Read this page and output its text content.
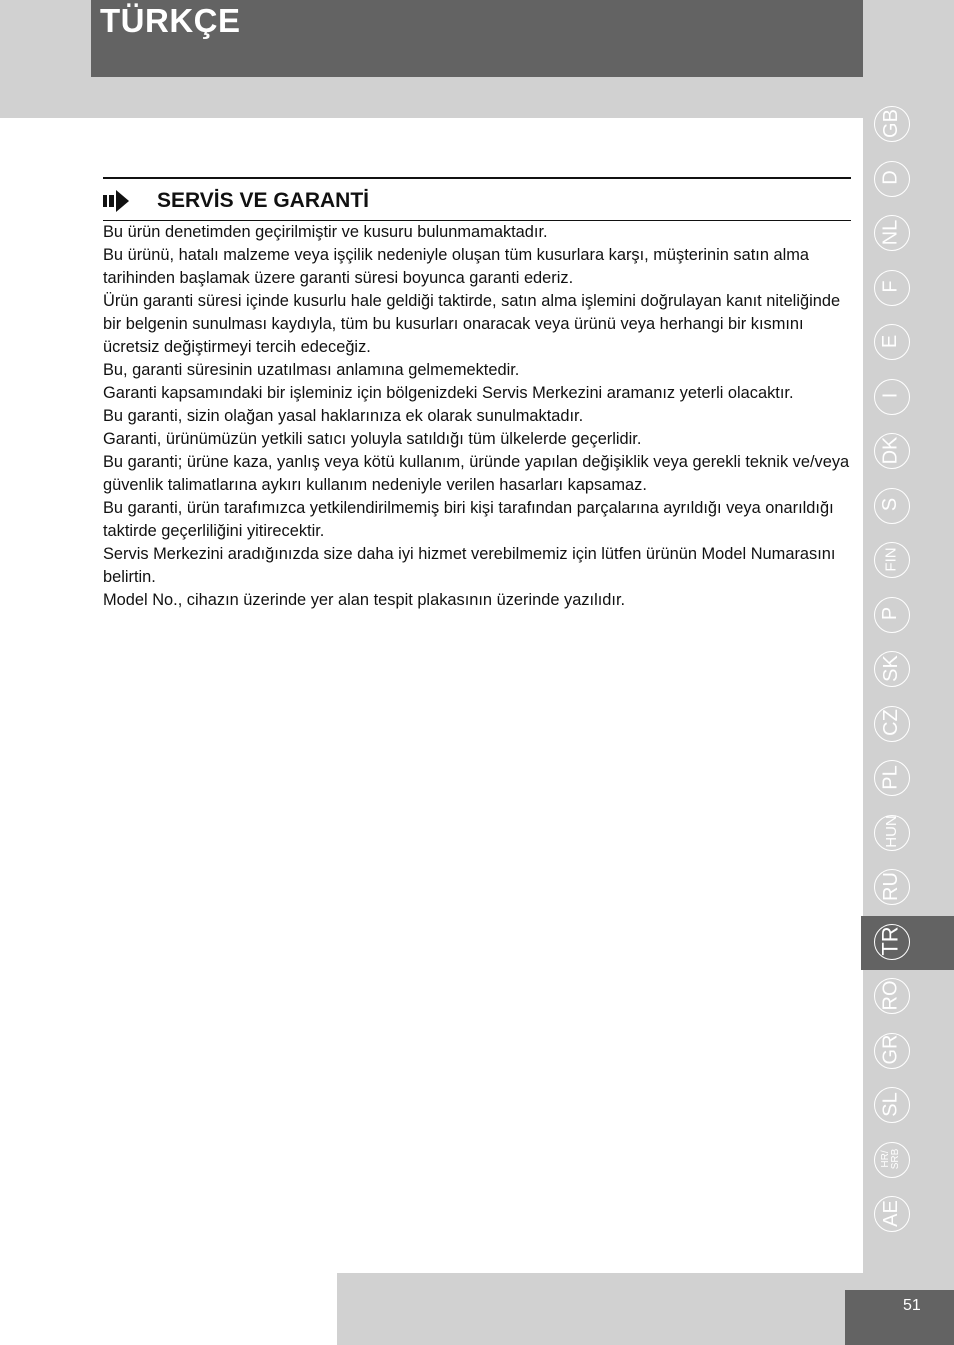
TÜRKÇE
SERVİS VE GARANTİ

Bu ürün denetimden geçirilmiştir ve kusuru bulunmamaktadır.

Bu ürünü, hatalı malzeme veya işçilik nedeniyle oluşan tüm kusurlara karşı, müşterinin satın alma tarihinden başlamak üzere garanti süresi boyunca garanti ederiz.

Ürün garanti süresi içinde kusurlu hale geldiği taktirde, satın alma işlemini doğrulayan kanıt niteliğinde bir belgenin sunulması kaydıyla, tüm bu kusurları onaracak veya ürünü veya herhangi bir kısmını ücretsiz değiştirmeyi tercih edeceğiz.

Bu, garanti süresinin uzatılması anlamına gelmemektedir.

Garanti kapsamındaki bir işleminiz için bölgenizdeki Servis Merkezini aramanız yeterli olacaktır.

Bu garanti, sizin olağan yasal haklarınıza ek olarak sunulmaktadır.

Garanti, ürünümüzün yetkili satıcı yoluyla satıldığı tüm ülkelerde geçerlidir.

Bu garanti; ürüne kaza, yanlış veya kötü kullanım, üründe yapılan değişiklik veya gerekli teknik ve/veya güvenlik talimatlarına aykırı kullanım nedeniyle verilen hasarları kapsamaz.

Bu garanti, ürün tarafımızca yetkilendirilmemiş biri kişi tarafından parçalarına ayrıldığı veya onarıldığı taktirde geçerliliğini yitirecektir.

Servis Merkezini aradığınızda size daha iyi hizmet verebilmemiz için lütfen ürünün Model Numarasını belirtin.

Model No., cihazın üzerinde yer alan tespit plakasının üzerinde yazılıdır.

GB
D
NL
F
E
I
DK
S
FIN
P
SK
CZ
PL
HUN
RU
TR
RO
GR
SL
HR/ SRB
AE
51
